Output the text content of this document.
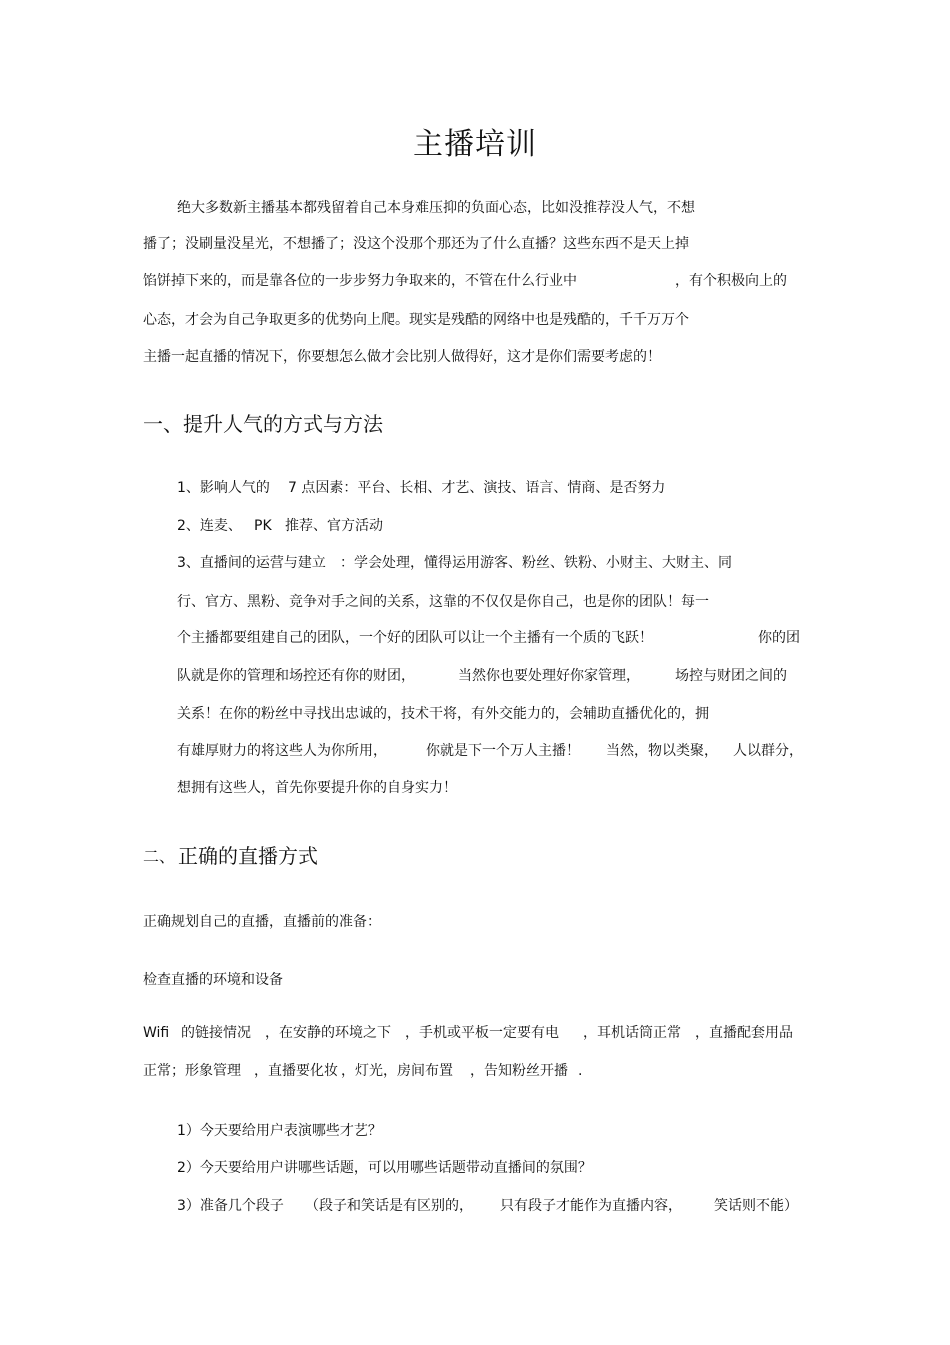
主播培训
绝大多数新主播基本都残留着自己本身难压抑的负面心态，比如没推荐没人气，不想
播了；没刷量没星光，不想播了；没这个没那个那还为了什么直播？这些东西不是天上掉
馅饼掉下来的，而是靠各位的一步步努力争取来的，不管在什么行业中	，有个积极向上的
心态，才会为自己争取更多的优势向上爬。现实是残酷的网络中也是残酷的，千千万万个
主播一起直播的情况下，你要想怎么做才会比别人做得好，这才是你们需要考虑的！
一、提升人气的方式与方法
1、影响人气的 7 点因素：平台、长相、才艺、演技、语言、情商、是否努力
2、连麦、 PK 推荐、官方活动
3、直播间的运营与建立 ：学会处理，懂得运用游客、粉丝、铁粉、小财主、大财主、同
行、官方、黑粉、竞争对手之间的关系，这靠的不仅仅是你自己，也是你的团队！每一
个主播都要组建自己的团队，一个好的团队可以让一个主播有一个质的飞跃！	你的团
队就是你的管理和场控还有你的财团，	当然你也要处理好你家管理，	场控与财团之间的
关系！在你的粉丝中寻找出忠诚的，技术干将，有外交能力的，会辅助直播优化的，拥
有雄厚财力的将这些人为你所用，	你就是下一个万人主播！ 当然，物以类聚， 人以群分，
想拥有这些人，首先你要提升你的自身实力！
二、 正确的直播方式
正确规划自己的直播，直播前的准备：
检查直播的环境和设备
Wifi 的链接情况 ，在安静的环境之下 ，手机或平板一定要有电 ，耳机话筒正常 ，直播配套用品
正常；形象管理 ，直播要化妆 ，灯光，房间布置 ，告知粉丝开播 .
1）今天要给用户表演哪些才艺？
2）今天要给用户讲哪些话题，可以用哪些话题带动直播间的氛围？
3）准备几个段子 （段子和笑话是有区别的， 只有段子才能作为直播内容， 笑话则不能）
